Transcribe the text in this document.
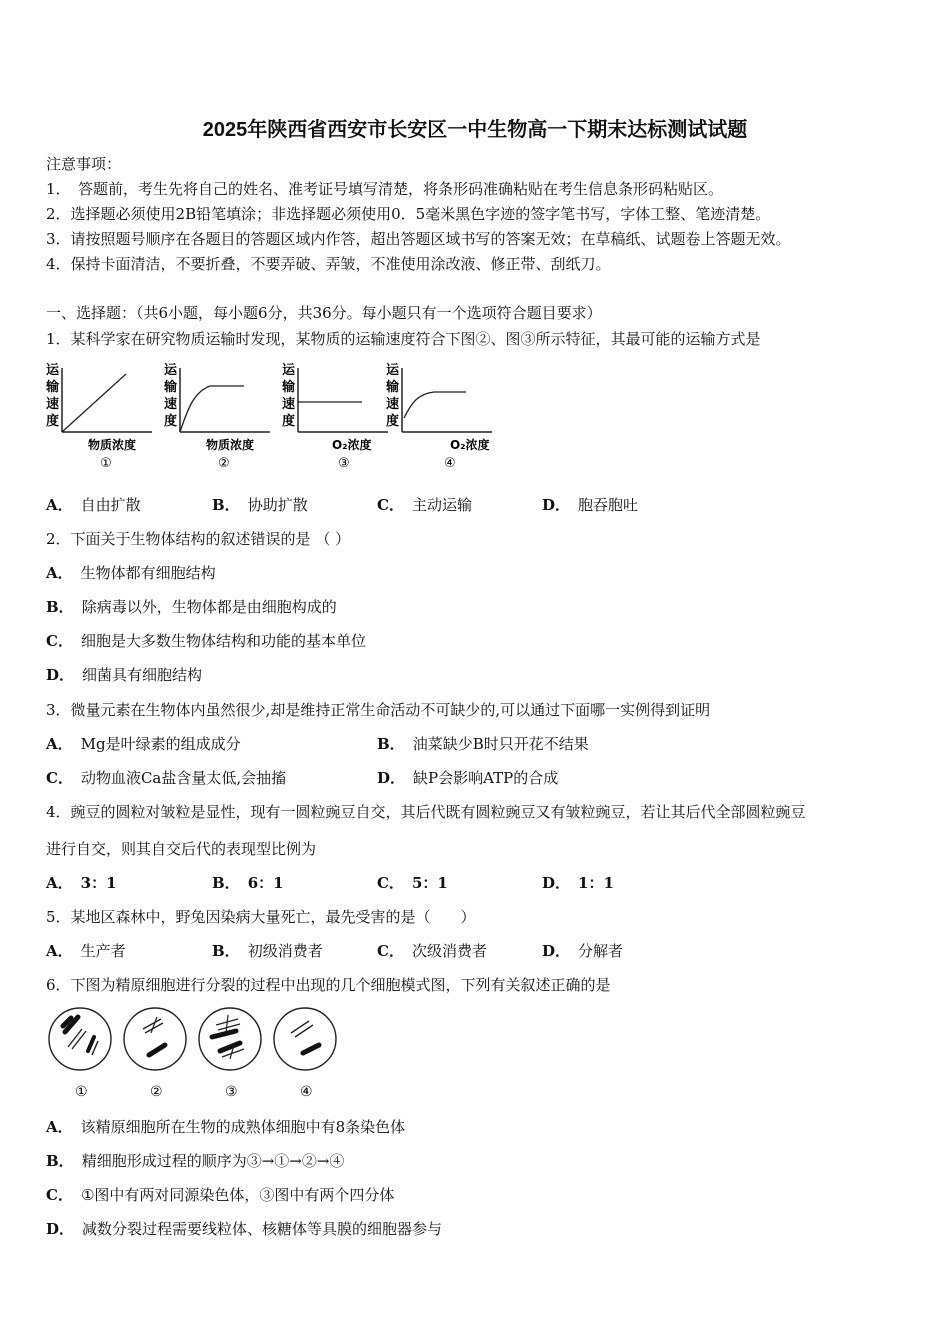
2025年陕西省西安市长安区一中生物高一下期末达标测试试题
注意事项：
1．　答题前，考生先将自己的姓名、准考证号填写清楚，将条形码准确粘贴在考生信息条形码粘贴区。
2．选择题必须使用2B铅笔填涂；非选择题必须使用0．5毫米黑色字迹的签字笔书写，字体工整、笔迹清楚。
3．请按照题号顺序在各题目的答题区域内作答，超出答题区域书写的答案无效；在草稿纸、试题卷上答题无效。
4．保持卡面清洁，不要折叠，不要弄破、弄皱，不准使用涂改液、修正带、刮纸刀。
一、选择题：（共6小题，每小题6分，共36分。每小题只有一个选项符合题目要求）
1．某科学家在研究物质运输时发现，某物质的运输速度符合下图②、图③所示特征，其最可能的运输方式是
运
输
速
度
物质浓度
①
运
输
速
度
物质浓度
②
运
输
速
度
O₂浓度
③
运
输
速
度
O₂浓度
④
A． 自由扩散	B． 协助扩散	C． 主动运输	D． 胞吞胞吐
2．下面关于生物体结构的叙述错误的是 （ ）
A． 生物体都有细胞结构
B． 除病毒以外，生物体都是由细胞构成的
C． 细胞是大多数生物体结构和功能的基本单位
D． 细菌具有细胞结构
3．微量元素在生物体内虽然很少,却是维持正常生命活动不可缺少的,可以通过下面哪一实例得到证明
A． Mg是叶绿素的组成成分	B． 油菜缺少B时只开花不结果
C． 动物血液Ca盐含量太低,会抽搐	D． 缺P会影响ATP的合成
4．豌豆的圆粒对皱粒是显性，现有一圆粒豌豆自交，其后代既有圆粒豌豆又有皱粒豌豆，若让其后代全部圆粒豌豆
进行自交，则其自交后代的表现型比例为
A． 3：1	B． 6：1	C． 5：1	D． 1：1
5．某地区森林中，野兔因染病大量死亡，最先受害的是（　　）
A． 生产者	B． 初级消费者	C． 次级消费者	D． 分解者
6．下图为精原细胞进行分裂的过程中出现的几个细胞模式图，下列有关叙述正确的是
①	②	③	④
A． 该精原细胞所在生物的成熟体细胞中有8条染色体
B． 精细胞形成过程的顺序为③→①→②→④
C． ①图中有两对同源染色体，③图中有两个四分体
D． 减数分裂过程需要线粒体、核糖体等具膜的细胞器参与
